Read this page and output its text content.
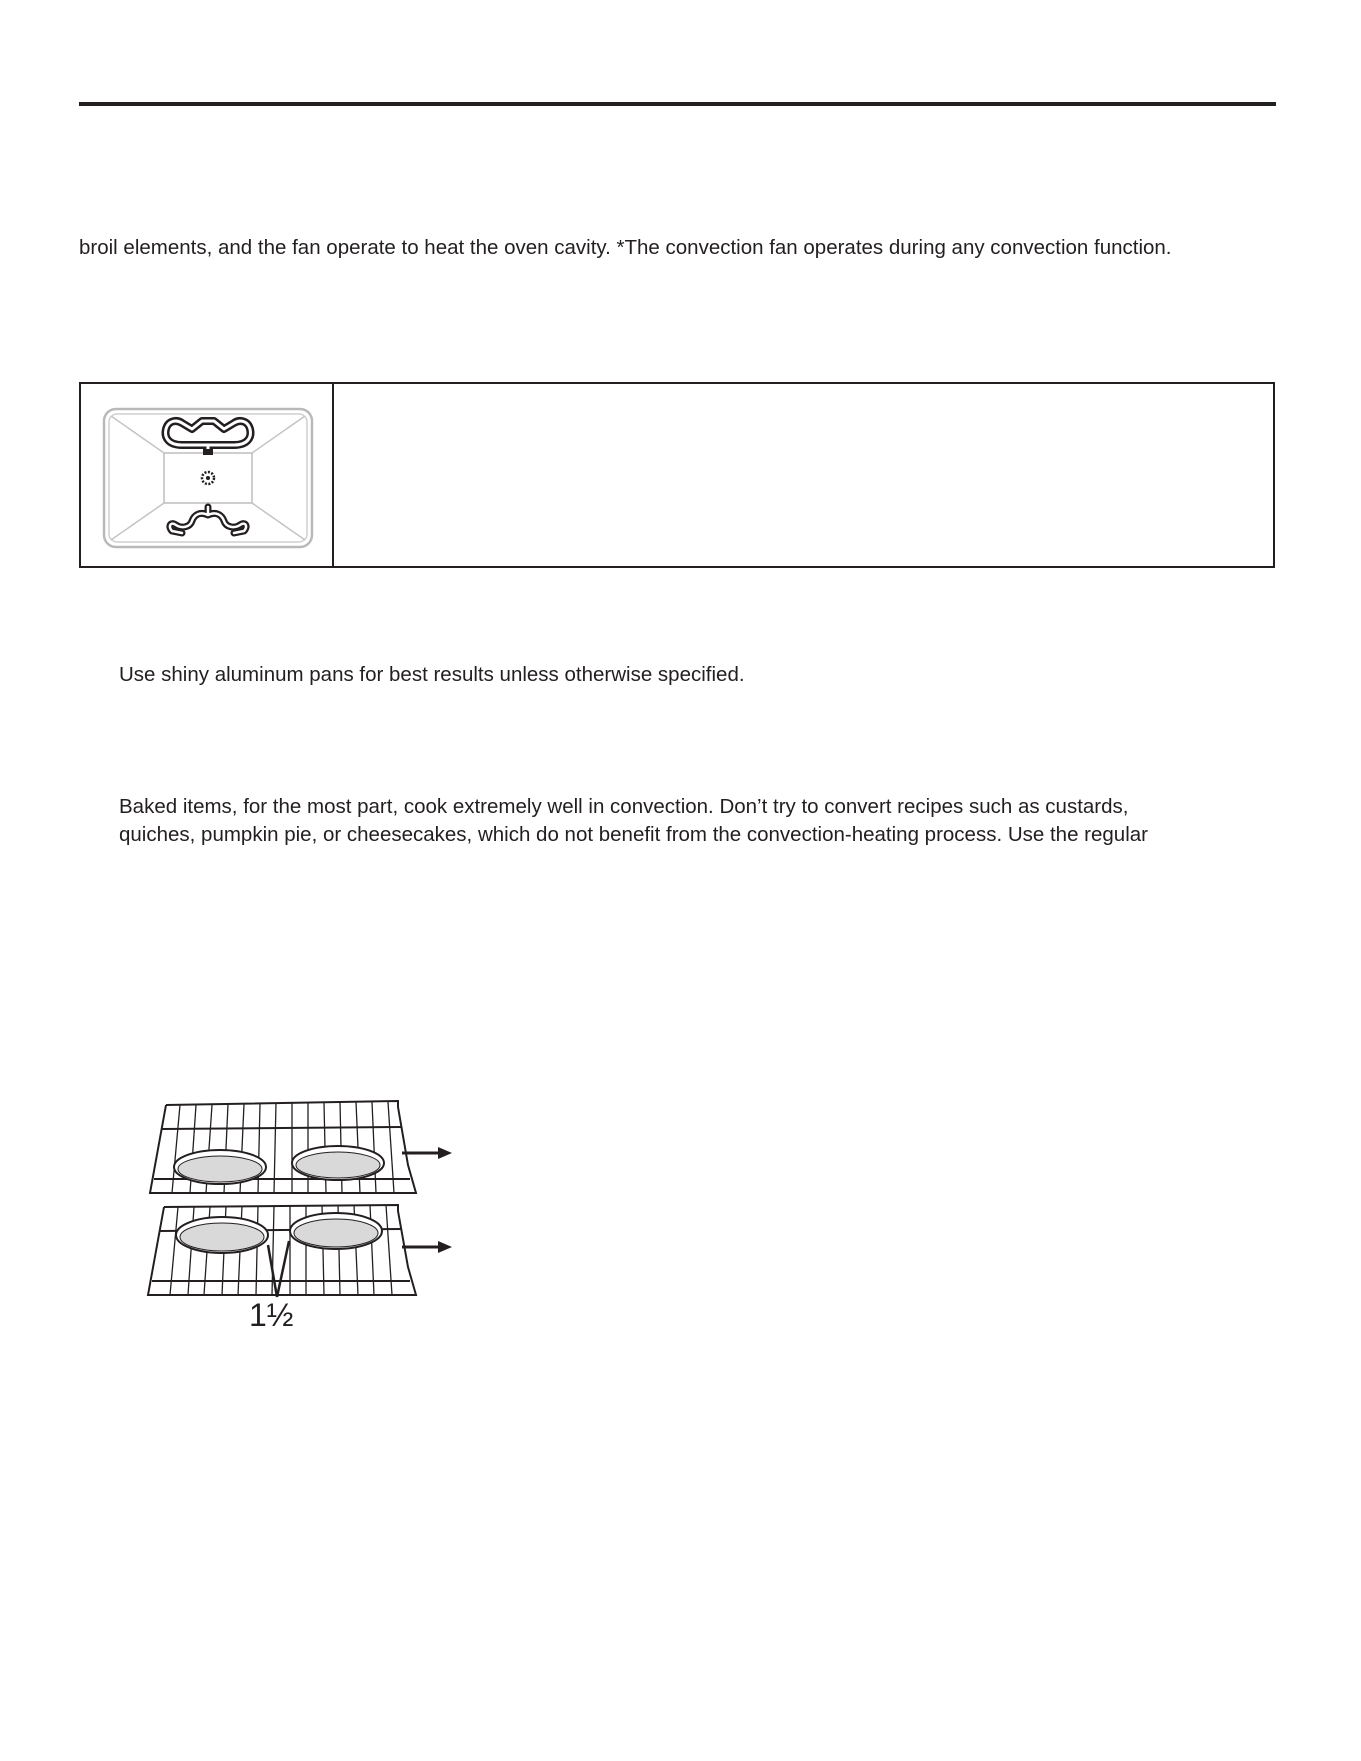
broil elements, and the fan operate to heat the oven cavity. *The convection fan operates during any convection function.
Use shiny aluminum pans for best results unless otherwise specified.
Baked items, for the most part, cook extremely well in convection. Don’t try to convert recipes such as custards,
quiches, pumpkin pie, or cheesecakes, which do not benefit from the convection-heating process. Use the regular
1½
